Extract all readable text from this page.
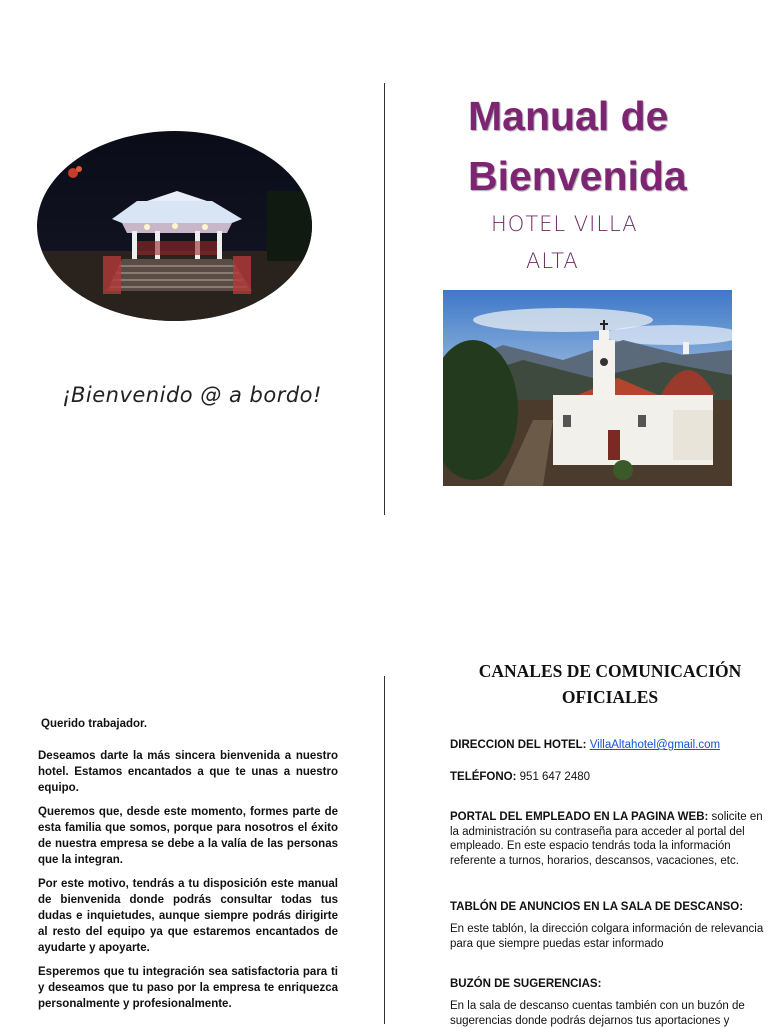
¡Bienvenido @ a bordo!
Manual de
Bienvenida
HOTEL VILLA
ALTA

Querido trabajador.

Deseamos darte la más sincera bienvenida a nuestro hotel. Estamos encantados a que te unas a nuestro equipo.

Queremos que, desde este momento, formes parte de esta familia que somos, porque para nosotros el éxito de nuestra empresa se debe a la valía de las personas que la integran.

Por este motivo, tendrás a tu disposición este manual de bienvenida donde podrás consultar todas tus dudas e inquietudes, aunque siempre podrás dirigirte al resto del equipo ya que estaremos encantados de ayudarte y apoyarte.

Esperemos que tu integración sea satisfactoria para ti y deseamos que tu paso por la empresa te enriquezca personalmente y profesionalmente.

CANALES DE COMUNICACIÓN
OFICIALES
DIRECCION DEL HOTEL: VillaAltahotel@gmail.com
TELÉFONO: 951 647 2480
PORTAL DEL EMPLEADO EN LA PAGINA WEB: solicite en la administración su contraseña para acceder al portal del empleado. En este espacio tendrás toda la información referente a turnos, horarios, descansos, vacaciones, etc.
TABLÓN DE ANUNCIOS EN LA SALA DE DESCANSO:
En este tablón, la dirección colgara información de relevancia para que siempre puedas estar informado
BUZÓN DE SUGERENCIAS:
En la sala de descanso cuentas también con un buzón de sugerencias donde podrás dejarnos tus aportaciones y
